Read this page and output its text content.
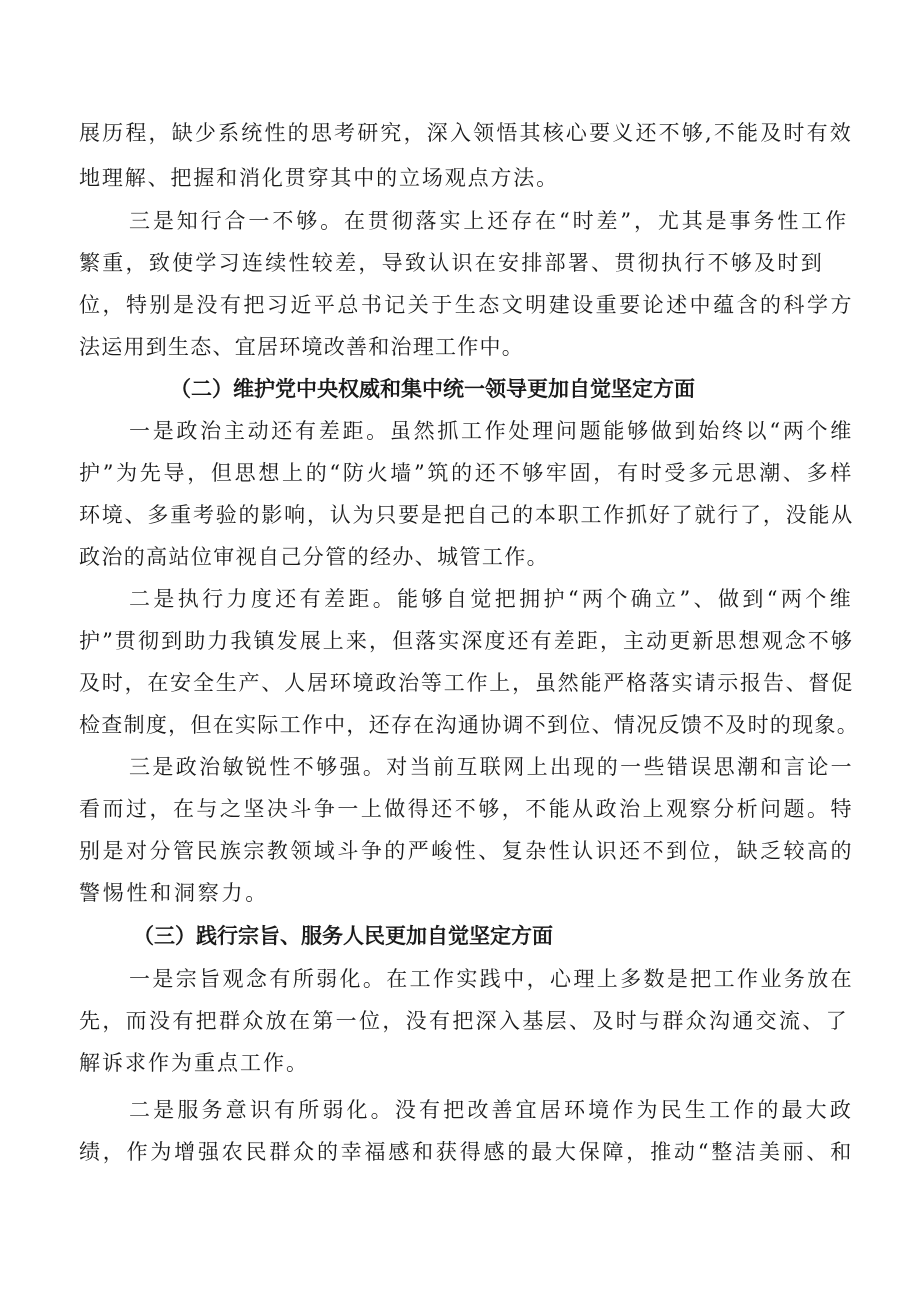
展历程，缺少系统性的思考研究，深入领悟其核心要义还不够,不能及时有效
地理解、把握和消化贯穿其中的立场观点方法。
三是知行合一不够。在贯彻落实上还存在“时差”，尤其是事务性工作
繁重，致使学习连续性较差，导致认识在安排部署、贯彻执行不够及时到
位，特别是没有把习近平总书记关于生态文明建设重要论述中蕴含的科学方
法运用到生态、宜居环境改善和治理工作中。
（二）维护党中央权威和集中统一领导更加自觉坚定方面
一是政治主动还有差距。虽然抓工作处理问题能够做到始终以“两个维
护”为先导，但思想上的“防火墙”筑的还不够牢固，有时受多元思潮、多样
环境、多重考验的影响，认为只要是把自己的本职工作抓好了就行了，没能从
政治的高站位审视自己分管的经办、城管工作。
二是执行力度还有差距。能够自觉把拥护“两个确立”、做到“两个维
护”贯彻到助力我镇发展上来，但落实深度还有差距，主动更新思想观念不够
及时，在安全生产、人居环境政治等工作上，虽然能严格落实请示报告、督促
检查制度，但在实际工作中，还存在沟通协调不到位、情况反馈不及时的现象。
三是政治敏锐性不够强。对当前互联网上出现的一些错误思潮和言论一
看而过，在与之坚决斗争一上做得还不够，不能从政治上观察分析问题。特
别是对分管民族宗教领域斗争的严峻性、复杂性认识还不到位，缺乏较高的
警惕性和洞察力。
（三）践行宗旨、服务人民更加自觉坚定方面
一是宗旨观念有所弱化。在工作实践中，心理上多数是把工作业务放在
先，而没有把群众放在第一位，没有把深入基层、及时与群众沟通交流、了
解诉求作为重点工作。
二是服务意识有所弱化。没有把改善宜居环境作为民生工作的最大政
绩，作为增强农民群众的幸福感和获得感的最大保障，推动“整洁美丽、和
